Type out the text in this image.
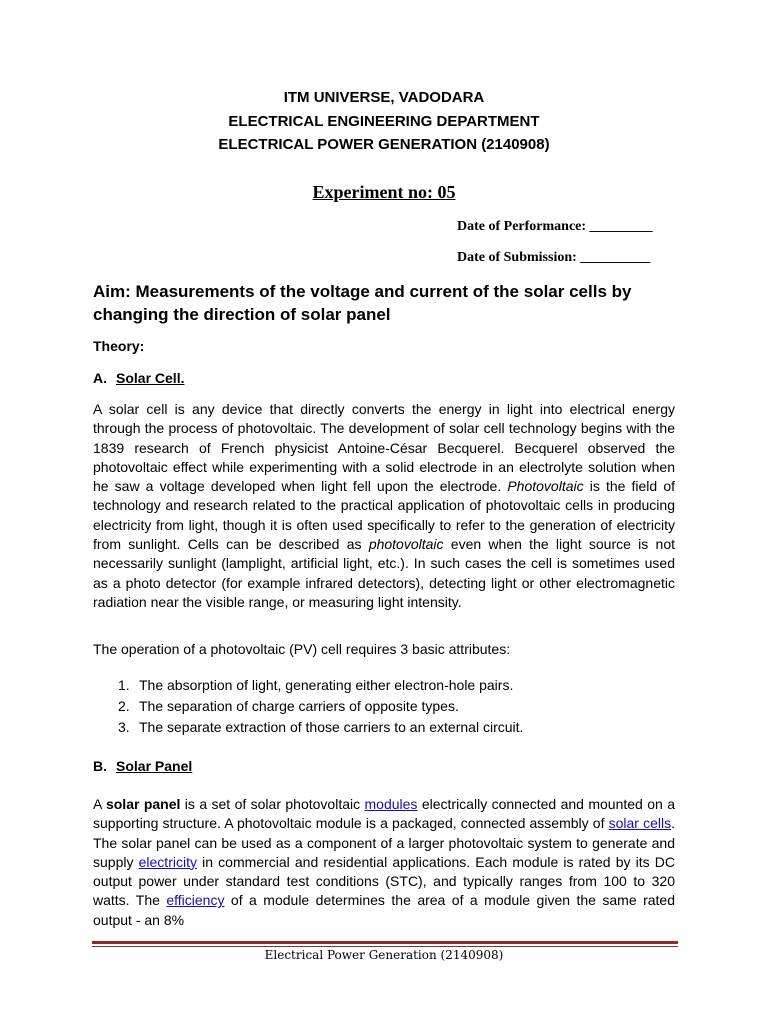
ITM UNIVERSE, VADODARA
ELECTRICAL ENGINEERING DEPARTMENT
ELECTRICAL POWER GENERATION (2140908)
Experiment no: 05
Date of Performance: _________
Date of Submission: __________
Aim: Measurements of the voltage and current of the solar cells by changing the direction of solar panel
Theory:
A. Solar Cell.
A solar cell is any device that directly converts the energy in light into electrical energy through the process of photovoltaic. The development of solar cell technology begins with the 1839 research of French physicist Antoine-César Becquerel. Becquerel observed the photovoltaic effect while experimenting with a solid electrode in an electrolyte solution when he saw a voltage developed when light fell upon the electrode. Photovoltaic is the field of technology and research related to the practical application of photovoltaic cells in producing electricity from light, though it is often used specifically to refer to the generation of electricity from sunlight. Cells can be described as photovoltaic even when the light source is not necessarily sunlight (lamplight, artificial light, etc.). In such cases the cell is sometimes used as a photo detector (for example infrared detectors), detecting light or other electromagnetic radiation near the visible range, or measuring light intensity.
The operation of a photovoltaic (PV) cell requires 3 basic attributes:
1. The absorption of light, generating either electron-hole pairs.
2. The separation of charge carriers of opposite types.
3. The separate extraction of those carriers to an external circuit.
B. Solar Panel
A solar panel is a set of solar photovoltaic modules electrically connected and mounted on a supporting structure. A photovoltaic module is a packaged, connected assembly of solar cells. The solar panel can be used as a component of a larger photovoltaic system to generate and supply electricity in commercial and residential applications. Each module is rated by its DC output power under standard test conditions (STC), and typically ranges from 100 to 320 watts. The efficiency of a module determines the area of a module given the same rated output - an 8%
Electrical Power Generation (2140908)
